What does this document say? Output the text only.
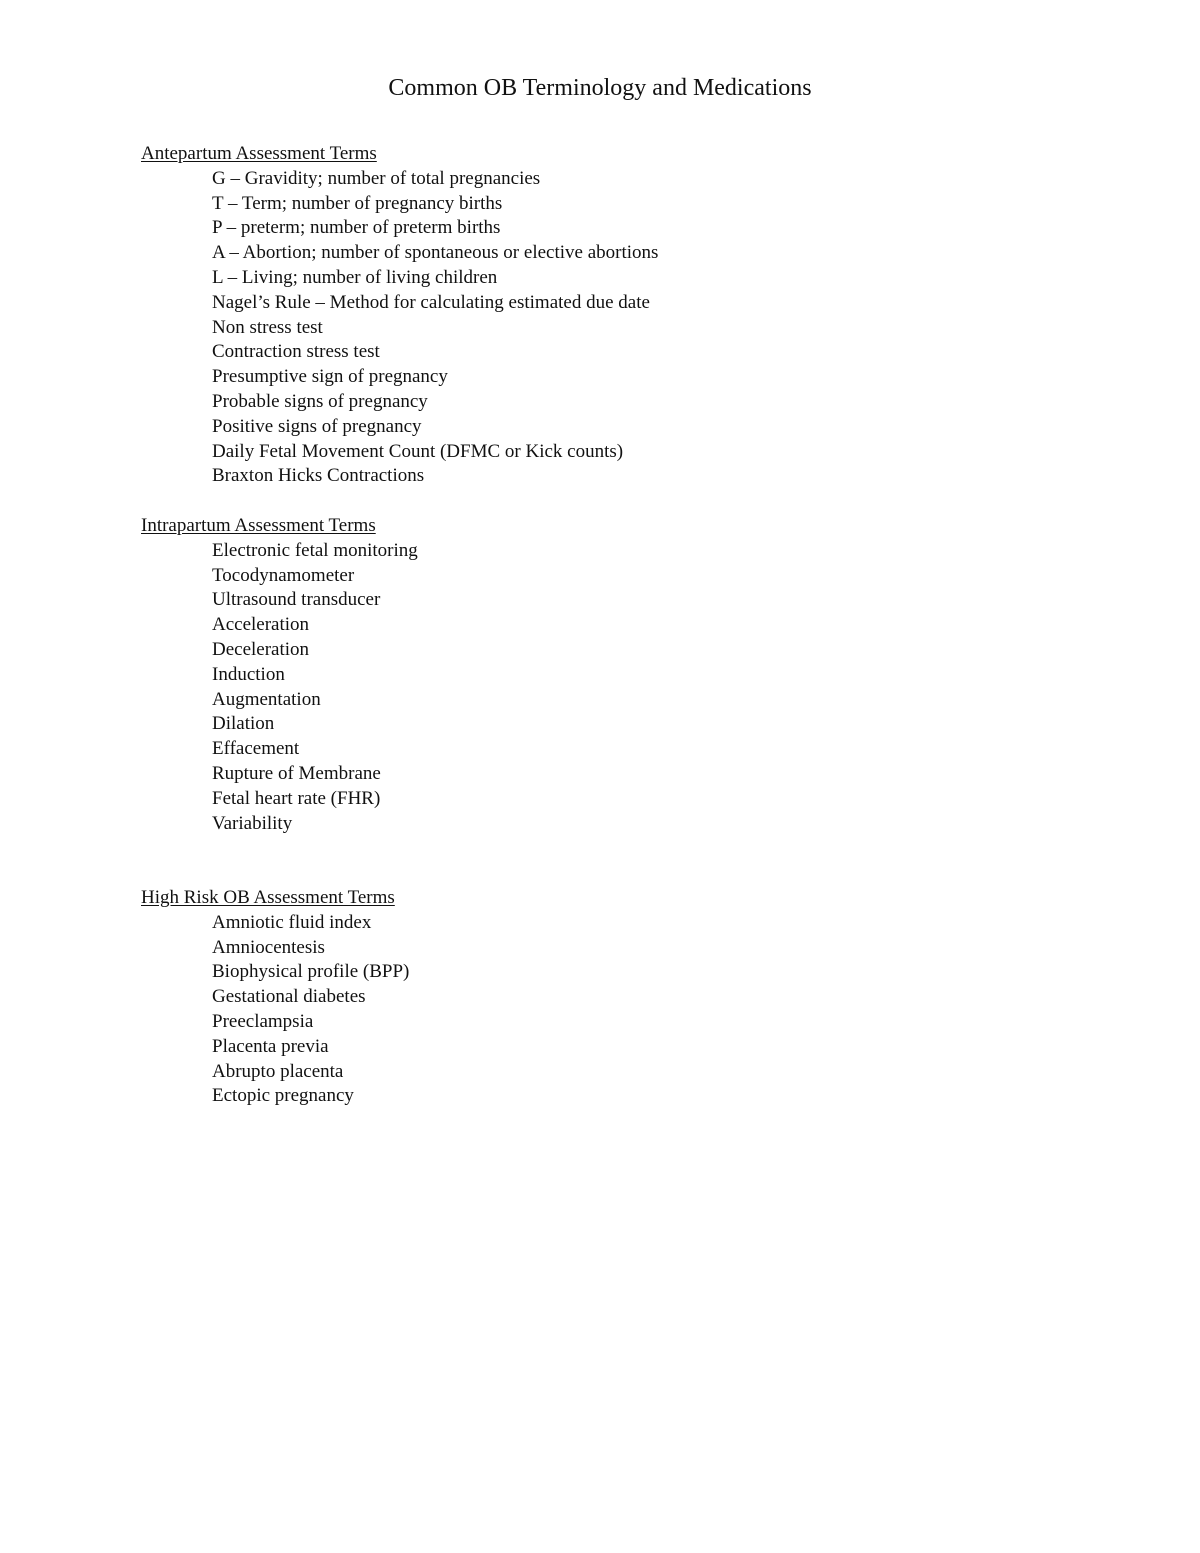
Common OB Terminology and Medications
Antepartum Assessment Terms
G – Gravidity; number of total pregnancies
T – Term; number of pregnancy births
P – preterm; number of preterm births
A – Abortion; number of spontaneous or elective abortions
L – Living; number of living children
Nagel’s Rule – Method for calculating estimated due date
Non stress test
Contraction stress test
Presumptive sign of pregnancy
Probable signs of pregnancy
Positive signs of pregnancy
Daily Fetal Movement Count (DFMC or Kick counts)
Braxton Hicks Contractions
Intrapartum Assessment Terms
Electronic fetal monitoring
Tocodynamometer
Ultrasound transducer
Acceleration
Deceleration
Induction
Augmentation
Dilation
Effacement
Rupture of Membrane
Fetal heart rate (FHR)
Variability
High Risk OB Assessment Terms
Amniotic fluid index
Amniocentesis
Biophysical profile (BPP)
Gestational diabetes
Preeclampsia
Placenta previa
Abrupto placenta
Ectopic pregnancy
